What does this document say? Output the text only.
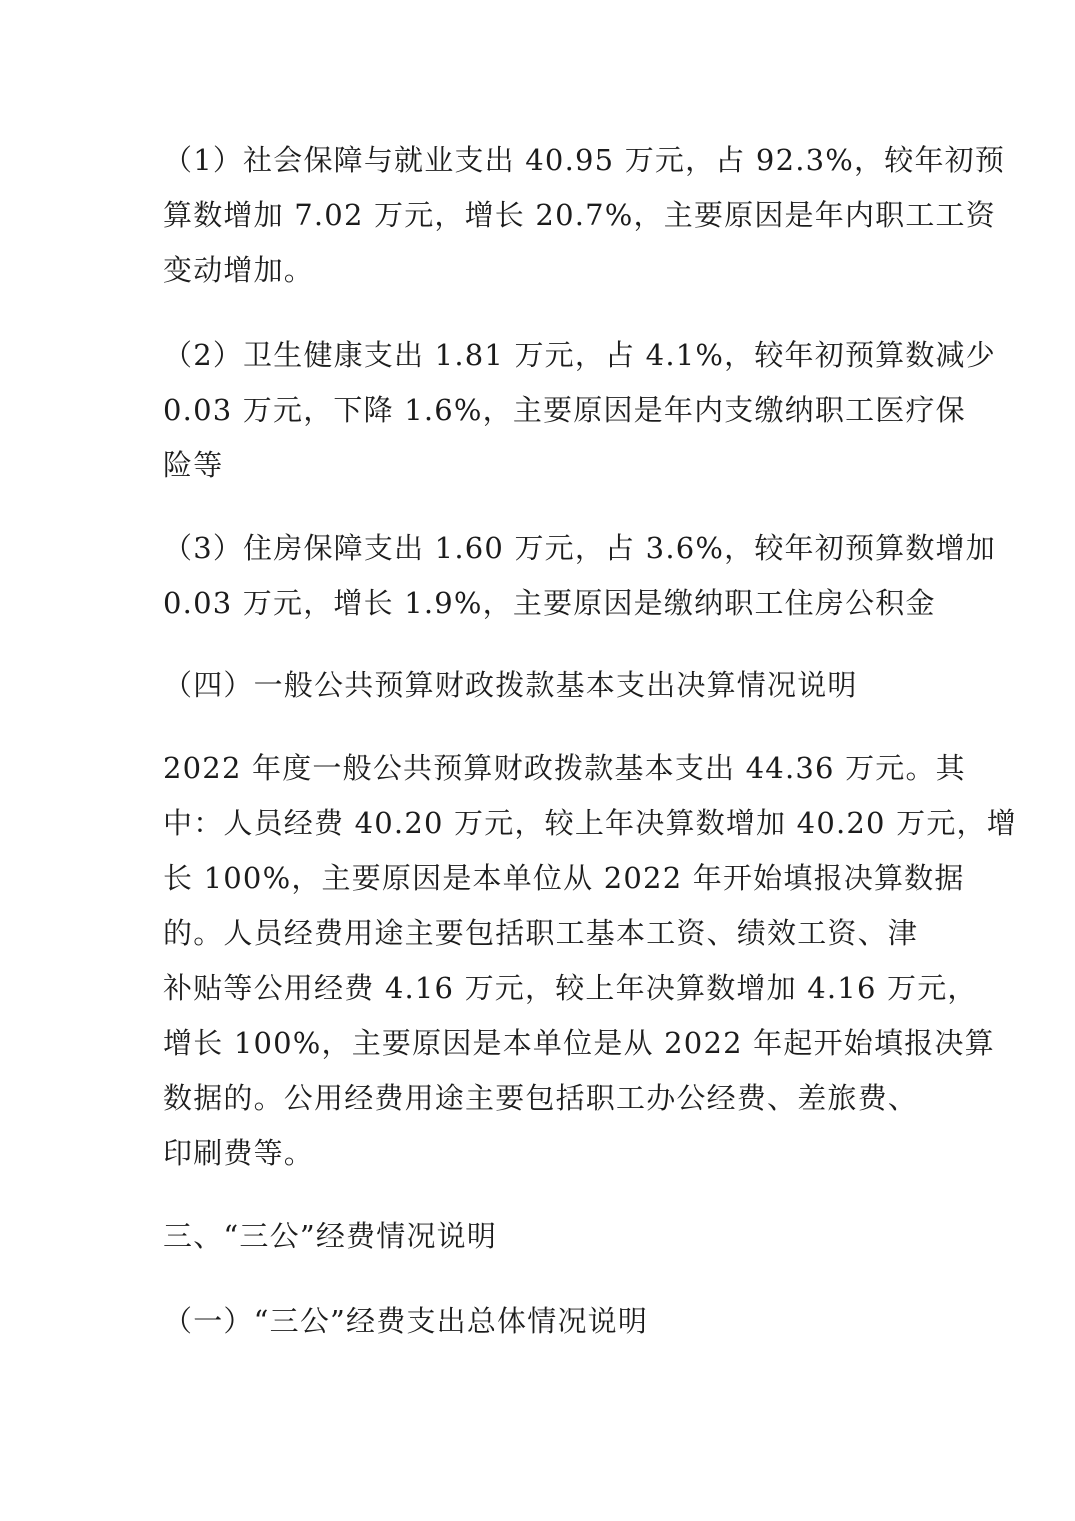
（1）社会保障与就业支出 40.95 万元，占 92.3%，较年初预

算数增加 7.02 万元，增长 20.7%，主要原因是年内职工工资

变动增加。

（2）卫生健康支出 1.81 万元，占 4.1%，较年初预算数减少

0.03 万元，下降 1.6%，主要原因是年内支缴纳职工医疗保

险等

（3）住房保障支出 1.60 万元，占 3.6%，较年初预算数增加

0.03 万元，增长 1.9%，主要原因是缴纳职工住房公积金

（四）一般公共预算财政拨款基本支出决算情况说明

2022 年度一般公共预算财政拨款基本支出 44.36 万元。其

中：人员经费 40.20 万元，较上年决算数增加 40.20 万元，增

长 100%，主要原因是本单位从 2022 年开始填报决算数据

的。人员经费用途主要包括职工基本工资、绩效工资、津

补贴等公用经费 4.16 万元，较上年决算数增加 4.16 万元，

增长 100%，主要原因是本单位是从 2022 年起开始填报决算

数据的。公用经费用途主要包括职工办公经费、差旅费、

印刷费等。

三、“三公”经费情况说明

（一）“三公”经费支出总体情况说明
